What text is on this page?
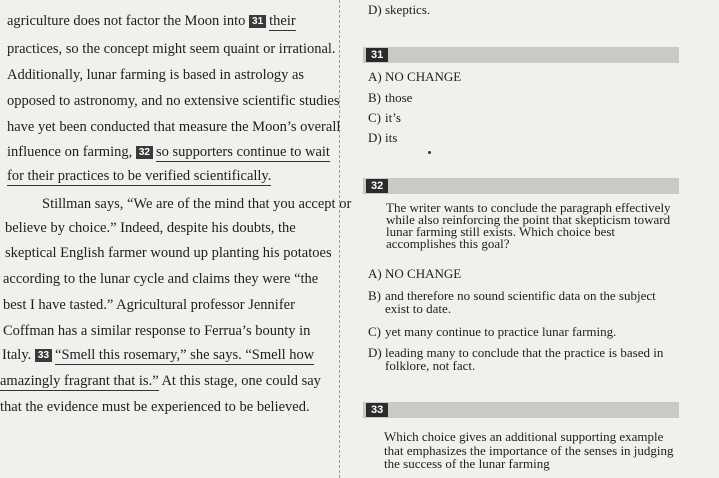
agriculture does not factor the Moon into 31 their
practices, so the concept might seem quaint or irrational.
Additionally, lunar farming is based in astrology as
opposed to astronomy, and no extensive scientific studies
have yet been conducted that measure the Moon’s overall
influence on farming, 32 so supporters continue to wait
for their practices to be verified scientifically.
Stillman says, “We are of the mind that you accept or
believe by choice.” Indeed, despite his doubts, the
skeptical English farmer wound up planting his potatoes
according to the lunar cycle and claims they were “the
best I have tasted.” Agricultural professor Jennifer
Coffman has a similar response to Ferrua’s bounty in
Italy. 33 “Smell this rosemary,” she says. “Smell how
amazingly fragrant that is.” At this stage, one could say
that the evidence must be experienced to be believed.
D) skeptics.
31
A) NO CHANGE
B) those
C) it’s
D) its
32
The writer wants to conclude the paragraph effectively while also reinforcing the point that skepticism toward lunar farming still exists. Which choice best accomplishes this goal?
A) NO CHANGE
B) and therefore no sound scientific data on the subject exist to date.
C) yet many continue to practice lunar farming.
D) leading many to conclude that the practice is based in folklore, not fact.
33
Which choice gives an additional supporting example that emphasizes the importance of the senses in judging the success of the lunar farming
